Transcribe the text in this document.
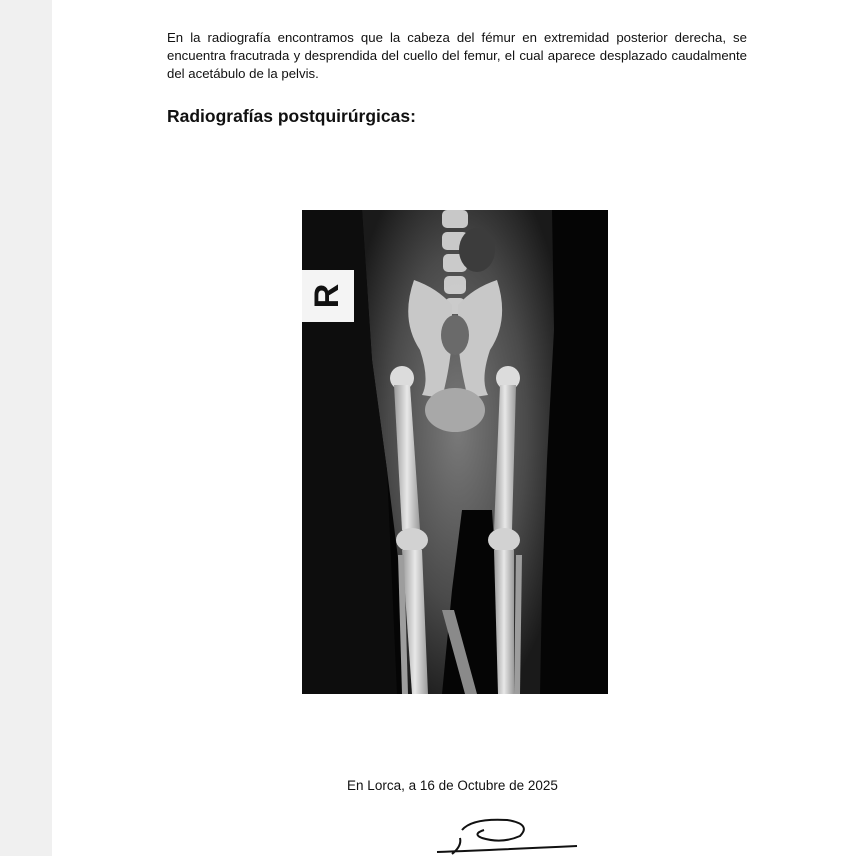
En la radiografía encontramos que la cabeza del fémur en extremidad posterior derecha, se encuentra fracutrada y desprendida del cuello del femur, el cual aparece desplazado caudalmente del acetábulo de la pelvis.

Radiografías postquirúrgicas:
R
En Lorca, a 16 de Octubre de 2025
